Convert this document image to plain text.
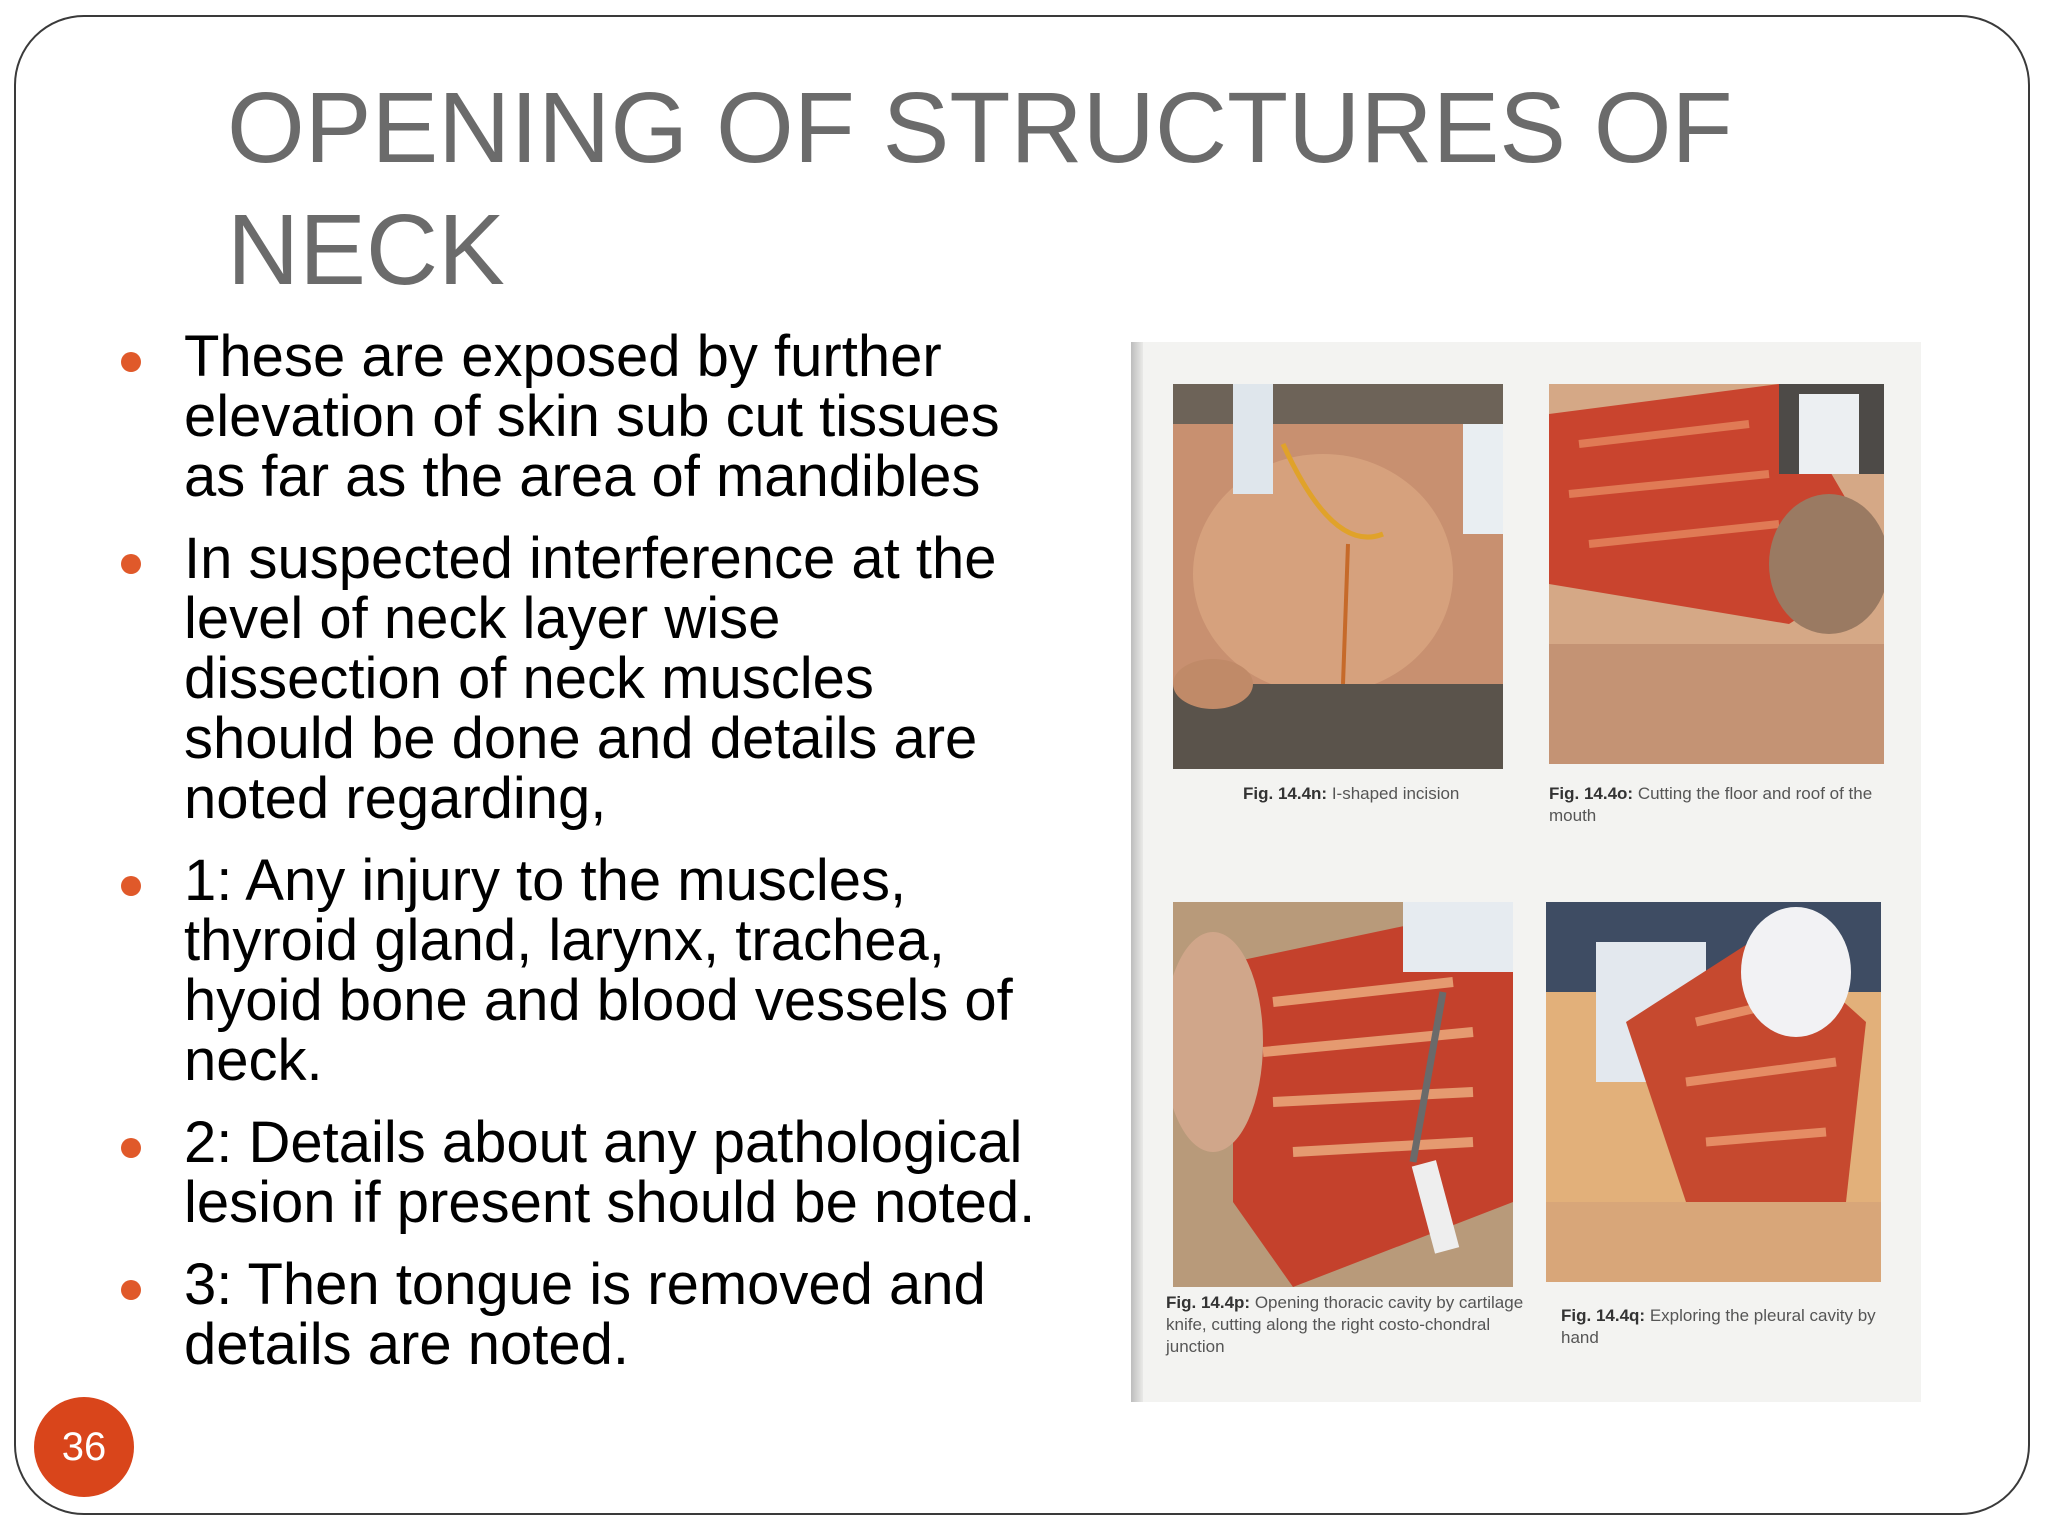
OPENING OF STRUCTURES OF NECK
These are exposed by further elevation of skin sub cut tissues as far as the area of mandibles
In suspected interference at the level of neck layer wise dissection of neck muscles should be done and details are noted regarding,
1: Any injury to the muscles, thyroid gland, larynx, trachea, hyoid bone and blood vessels of neck.
2: Details about any pathological lesion if present should be noted.
3: Then tongue is removed and details are noted.
Fig. 14.4n: I-shaped incision	Fig. 14.4o: Cutting the floor and roof of the mouth
Fig. 14.4p: Opening thoracic cavity by cartilage knife, cutting along the right costo-chondral junction
Fig. 14.4q: Exploring the pleural cavity by hand
36
